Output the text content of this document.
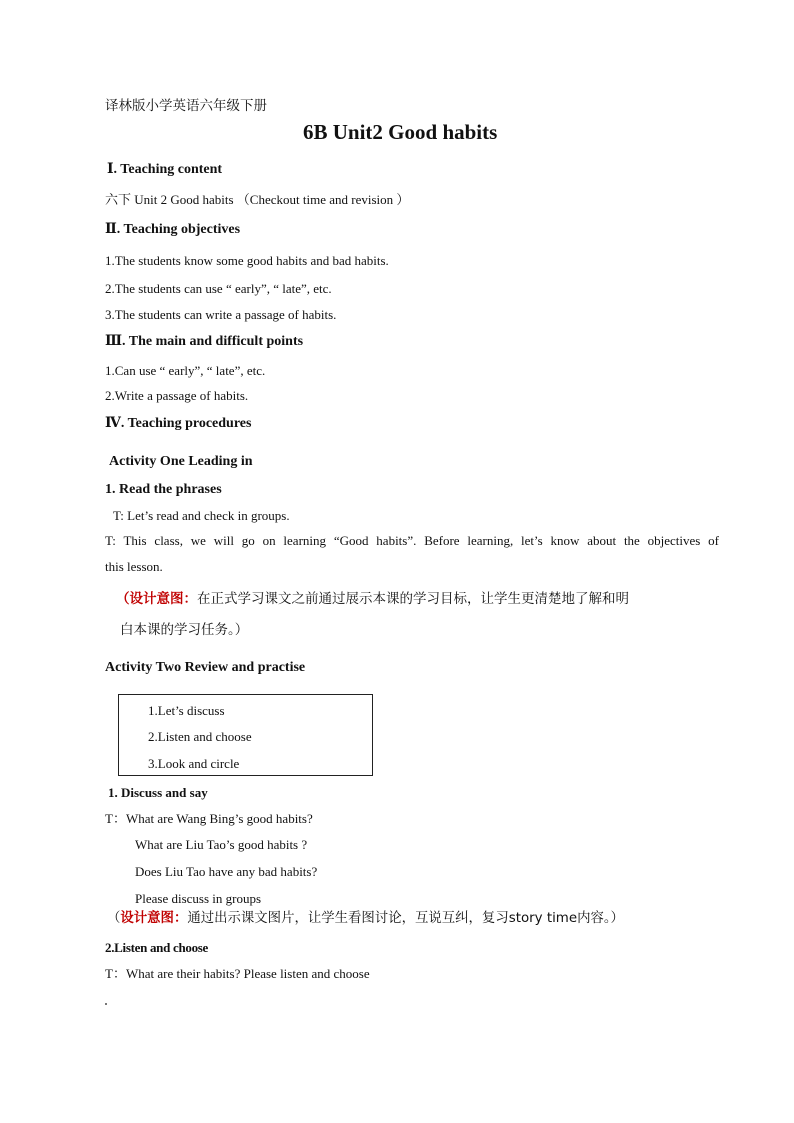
译林版小学英语六年级下册
6B Unit2 Good habits
Ⅰ. Teaching content
六下 Unit 2 Good habits （Checkout time and revision ）
Ⅱ. Teaching objectives
1.The students know some good habits and bad habits.
2.The students can use “ early”, “ late”, etc.
3.The students can write a passage of habits.
Ⅲ. The main and difficult points
1.Can use “ early”, “ late”, etc.
2.Write a passage of habits.
Ⅳ. Teaching procedures
Activity One Leading in
1. Read the phrases
T: Let’s read and check in groups.
T: This class, we will go on learning “Good habits”. Before learning, let’s know about the objectives of
this lesson.
（设计意图：在正式学习课文之前通过展示本课的学习目标，让学生更清楚地了解和明
白本课的学习任务。）
Activity Two Review and practise
1.Let’s discuss
2.Listen and choose
3.Look and circle
1. Discuss and say
T：What are Wang Bing’s good habits?
What are Liu Tao’s good habits ?
Does Liu Tao have any bad habits?
Please discuss in groups
（设计意图：通过出示课文图片，让学生看图讨论，互说互纠，复习story time内容。）
2.Listen and choose
T：What are their habits? Please listen and choose
